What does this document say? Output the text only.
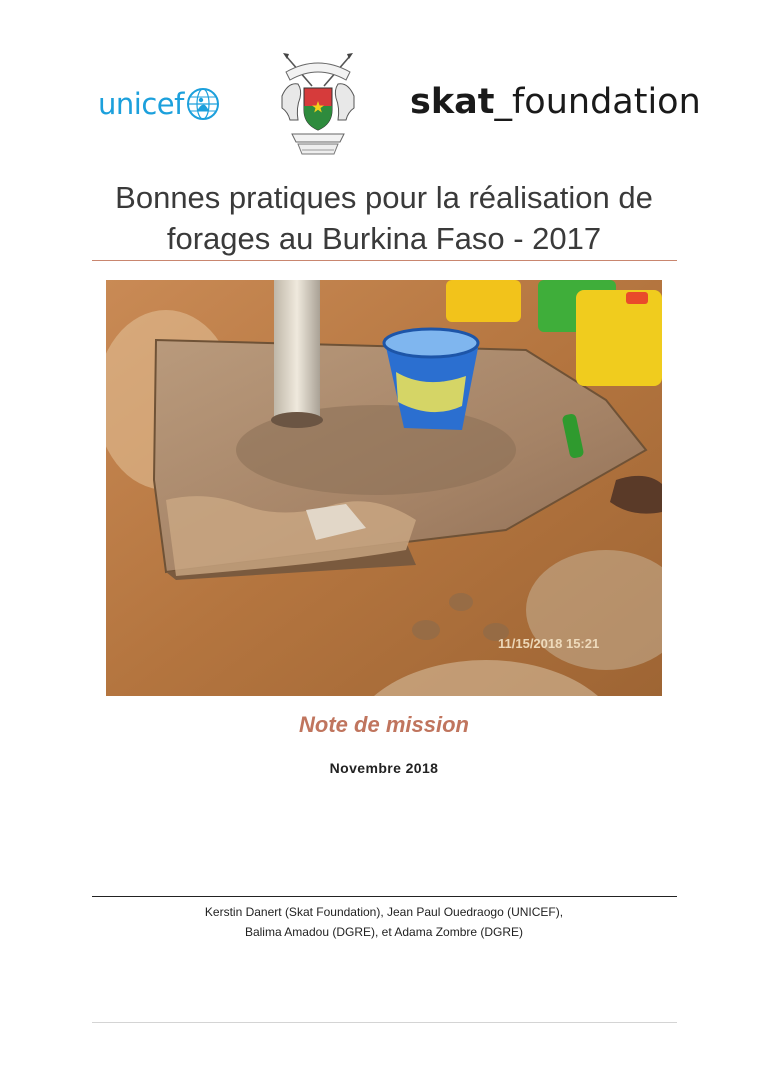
unicef	skat_foundation
Bonnes pratiques pour la réalisation de
forages au Burkina Faso - 2017
11/15/2018 15:21
Note de mission
Novembre 2018
Kerstin Danert (Skat Foundation), Jean Paul Ouedraogo (UNICEF),
Balima Amadou (DGRE), et Adama Zombre (DGRE)
